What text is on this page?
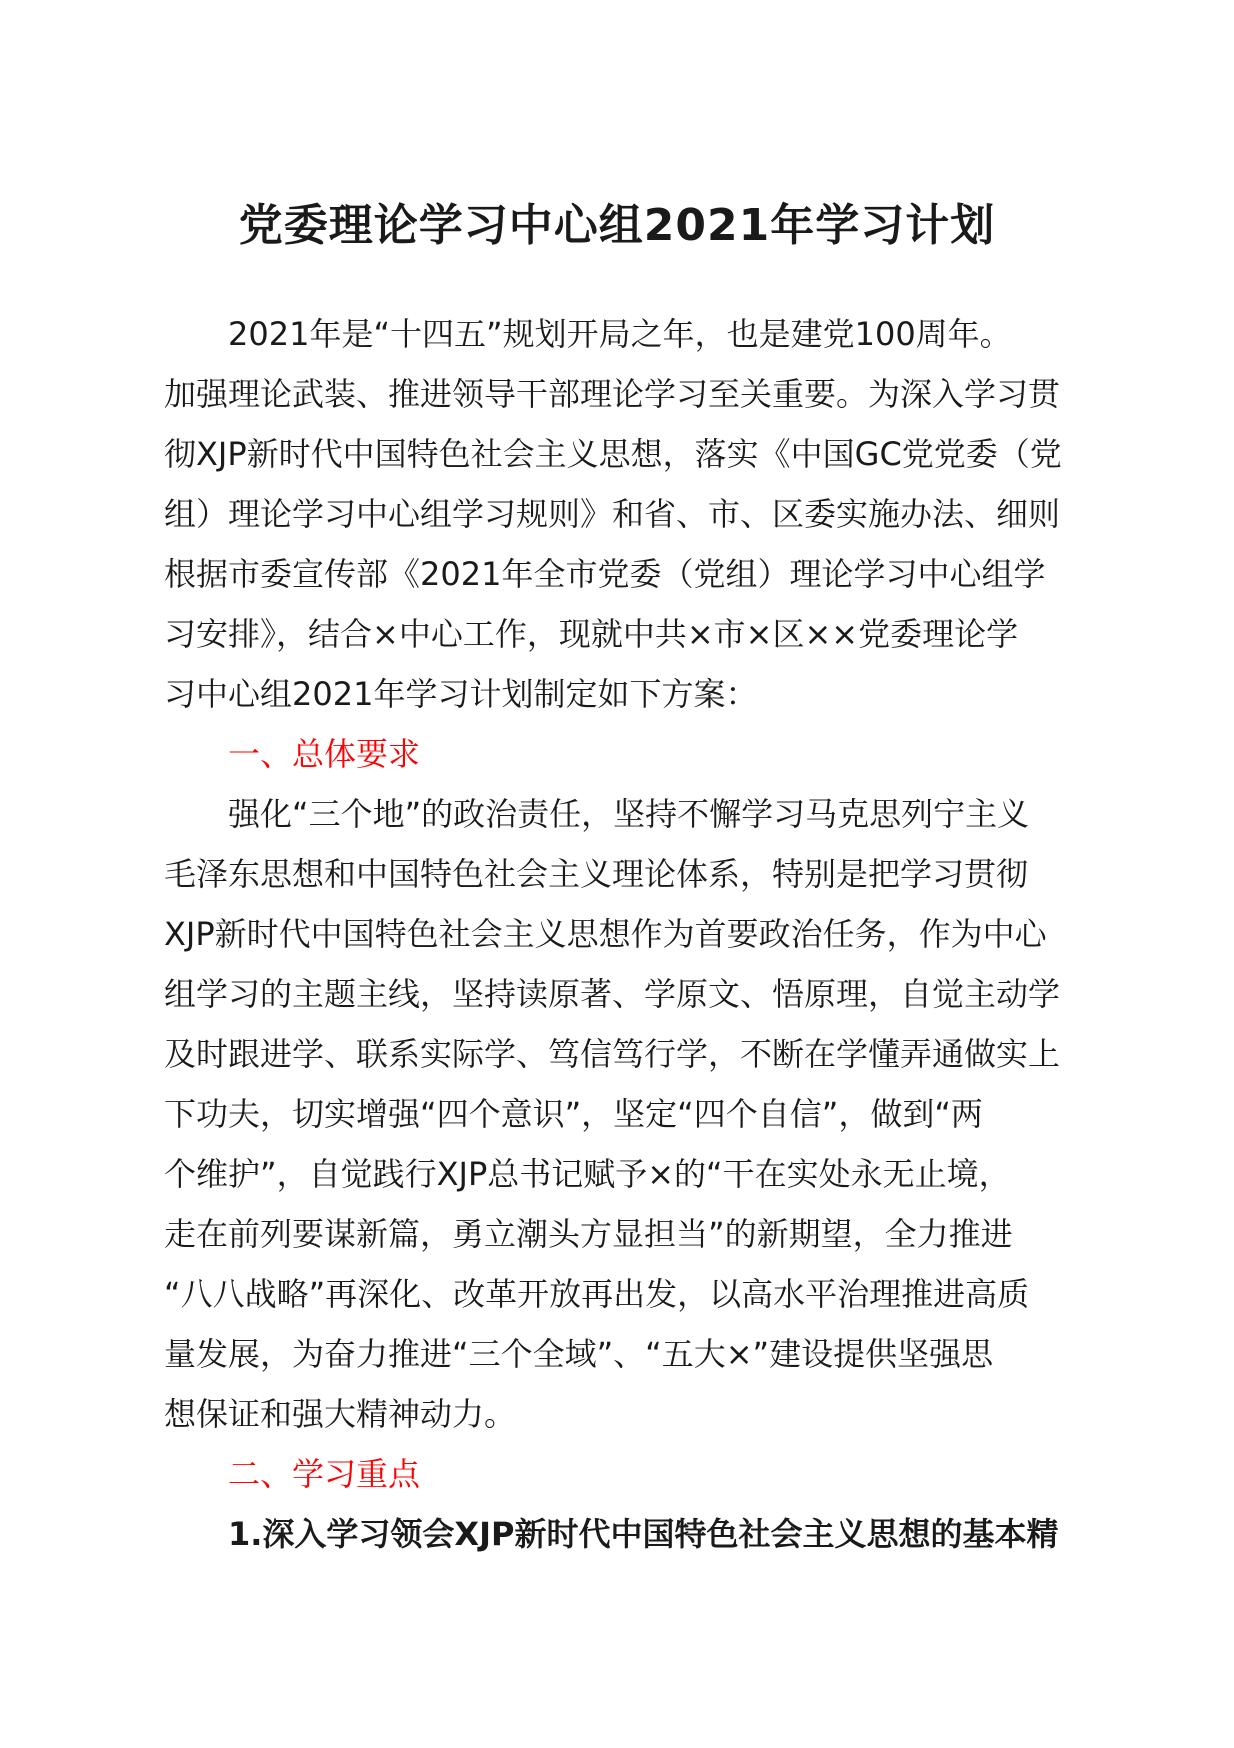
党委理论学习中心组2021年学习计划

2021年是“十四五”规划开局之年，也是建党100周年。

加强理论武装、推进领导干部理论学习至关重要。为深入学习贯

彻XJP新时代中国特色社会主义思想，落实《中国GC党党委（党

组）理论学习中心组学习规则》和省、市、区委实施办法、细则

根据市委宣传部《2021年全市党委（党组）理论学习中心组学

习安排》，结合×中心工作，现就中共×市×区××党委理论学

习中心组2021年学习计划制定如下方案：

一、总体要求

强化“三个地”的政治责任，坚持不懈学习马克思列宁主义

毛泽东思想和中国特色社会主义理论体系，特别是把学习贯彻

XJP新时代中国特色社会主义思想作为首要政治任务，作为中心

组学习的主题主线，坚持读原著、学原文、悟原理，自觉主动学

及时跟进学、联系实际学、笃信笃行学，不断在学懂弄通做实上

下功夫，切实增强“四个意识”，坚定“四个自信”，做到“两

个维护”，自觉践行XJP总书记赋予×的“干在实处永无止境，

走在前列要谋新篇，勇立潮头方显担当”的新期望，全力推进

“八八战略”再深化、改革开放再出发，以高水平治理推进高质

量发展，为奋力推进“三个全域”、“五大×”建设提供坚强思

想保证和强大精神动力。

二、学习重点

1.深入学习领会XJP新时代中国特色社会主义思想的基本精
